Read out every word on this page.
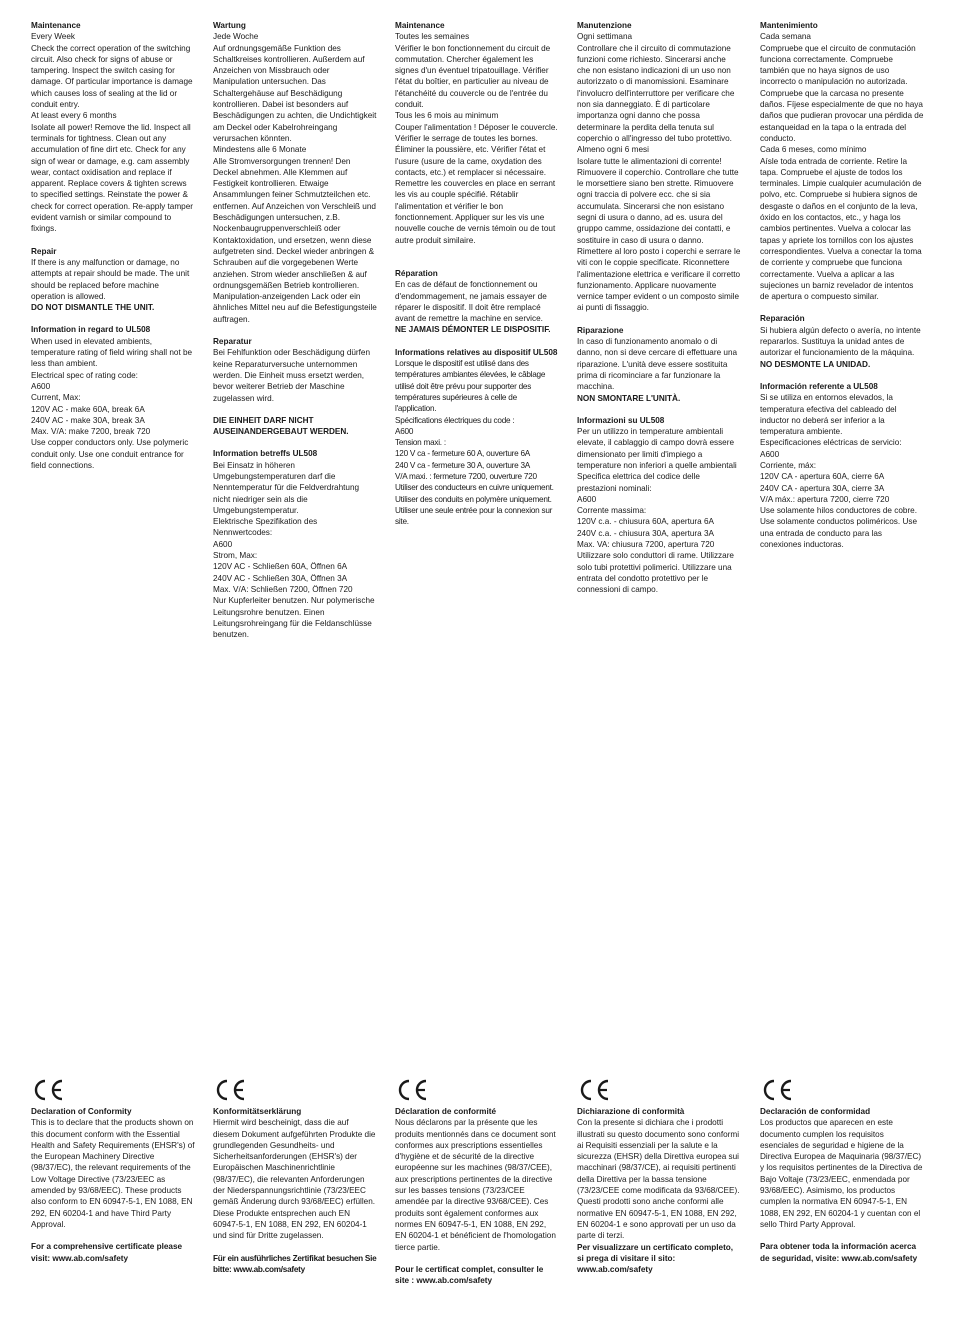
Maintenance

Every Week
Check the correct operation of the switching circuit. Also check for signs of abuse or tampering. Inspect the switch casing for damage. Of particular importance is damage which causes loss of sealing at the lid or conduit entry.
At least every 6 months
Isolate all power! Remove the lid. Inspect all terminals for tightness. Clean out any accumulation of fine dirt etc. Check for any sign of wear or damage, e.g. cam assembly wear, contact oxidisation and replace if apparent. Replace covers & tighten screws to specified settings. Reinstate the power & check for correct operation. Re-apply tamper evident varnish or similar compound to fixings.

Repair

If there is any malfunction or damage, no attempts at repair should be made. The unit should be replaced before machine operation is allowed.

DO NOT DISMANTLE THE UNIT.

Information in regard to UL508

When used in elevated ambients, temperature rating of field wiring shall not be less than ambient.
Electrical spec of rating code:
A600
Current, Max:
120V AC - make 60A, break 6A
240V AC - make 30A, break 3A
Max. V/A: make 7200, break 720
Use copper conductors only. Use polymeric conduit only. Use one conduit entrance for field connections.

Wartung

Jede Woche
Auf ordnungsgemäße Funktion des Schaltkreises kontrollieren. Außerdem auf Anzeichen von Missbrauch oder Manipulation untersuchen. Das Schaltergehäuse auf Beschädigung kontrollieren. Dabei ist besonders auf Beschädigungen zu achten, die Undichtigkeit am Deckel oder Kabelrohreingang verursachen könnten.
Mindestens alle 6 Monate
Alle Stromversorgungen trennen! Den Deckel abnehmen. Alle Klemmen auf Festigkeit kontrollieren. Etwaige Ansammlungen feiner Schmutzteilchen etc. entfernen. Auf Anzeichen von Verschleiß und Beschädigungen untersuchen, z.B. Nockenbaugruppenverschleiß oder Kontaktoxidation, und ersetzen, wenn diese aufgetreten sind. Deckel wieder anbringen & Schrauben auf die vorgegebenen Werte anziehen. Strom wieder anschließen & auf ordnungsgemäßen Betrieb kontrollieren. Manipulation-anzeigenden Lack oder ein ähnliches Mittel neu auf die Befestigungsteile auftragen.

Reparatur

Bei Fehlfunktion oder Beschädigung dürfen keine Reparaturversuche unternommen werden. Die Einheit muss ersetzt werden, bevor weiterer Betrieb der Maschine zugelassen wird.

DIE EINHEIT DARF NICHT AUSEINANDERGEBAUT WERDEN.

Information betreffs UL508

Bei Einsatz in höheren Umgebungstemperaturen darf die Nenntemperatur für die Feldverdrahtung nicht niedriger sein als die Umgebungstemperatur.
Elektrische Spezifikation des Nennwertcodes:
A600
Strom, Max:
120V AC - Schließen 60A, Öffnen 6A
240V AC - Schließen 30A, Öffnen 3A
Max. V/A: Schließen 7200, Öffnen 720
Nur Kupferleiter benutzen. Nur polymerische Leitungsrohre benutzen. Einen Leitungsrohreingang für die Feldanschlüsse benutzen.

Maintenance

Toutes les semaines
Vérifier le bon fonctionnement du circuit de commutation. Chercher également les signes d'un éventuel tripatouillage. Vérifier l'état du boîtier, en particulier au niveau de l'étanchéité du couvercle ou de l'entrée du conduit.
Tous les 6 mois au minimum
Couper l'alimentation ! Déposer le couvercle. Vérifier le serrage de toutes les bornes. Éliminer la poussière, etc. Vérifier l'état et l'usure (usure de la came, oxydation des contacts, etc.) et remplacer si nécessaire. Remettre les couvercles en place en serrant les vis au couple spécifié. Rétablir l'alimentation et vérifier le bon fonctionnement. Appliquer sur les vis une nouvelle couche de vernis témoin ou de tout autre produit similaire.

Réparation

En cas de défaut de fonctionnement ou d'endommagement, ne jamais essayer de réparer le dispositif. Il doit être remplacé avant de remettre la machine en service.

NE JAMAIS DÉMONTER LE DISPOSITIF.

Informations relatives au dispositif UL508

Lorsque le dispositif est utilisé dans des températures ambiantes élevées, le câblage utilisé doit être prévu pour supporter des températures supérieures à celle de l'application.
Spécifications électriques du code :
A600
Tension maxi. :
120 V ca - fermeture 60 A, ouverture 6A
240 V ca - fermeture 30 A, ouverture 3A
V/A maxi. : fermeture 7200, ouverture 720
Utiliser des conducteurs en cuivre uniquement. Utiliser des conduits en polymère uniquement. Utiliser une seule entrée pour la connexion sur site.

Manutenzione

Ogni settimana
Controllare che il circuito di commutazione funzioni come richiesto. Sincerarsi anche che non esistano indicazioni di un uso non autorizzato o di manomissioni. Esaminare l'involucro dell'interruttore per verificare che non sia danneggiato. È di particolare importanza ogni danno che possa determinare la perdita della tenuta sul coperchio o all'ingresso del tubo protettivo.
Almeno ogni 6 mesi
Isolare tutte le alimentazioni di corrente! Rimuovere il coperchio. Controllare che tutte le morsettiere siano ben strette. Rimuovere ogni traccia di polvere ecc. che si sia accumulata. Sincerarsi che non esistano segni di usura o danno, ad es. usura del gruppo camme, ossidazione dei contatti, e sostituire in caso di usura o danno. Rimettere al loro posto i coperchi e serrare le viti con le coppie specificate. Riconnettere l'alimentazione elettrica e verificare il corretto funzionamento. Applicare nuovamente vernice tamper evident o un composto simile ai punti di fissaggio.

Riparazione

In caso di funzionamento anomalo o di danno, non si deve cercare di effettuare una riparazione. L'unità deve essere sostituita prima di ricominciare a far funzionare la macchina.

NON SMONTARE L'UNITÀ.

Informazioni su UL508

Per un utilizzo in temperature ambientali elevate, il cablaggio di campo dovrà essere dimensionato per limiti d'impiego a temperature non inferiori a quelle ambientali
Specifica elettrica del codice delle prestazioni nominali:
A600
Corrente massima:
120V c.a. - chiusura 60A, apertura 6A
240V c.a. - chiusura 30A, apertura 3A
Max. VA: chiusura 7200, apertura 720
Utilizzare solo conduttori di rame. Utilizzare solo tubi protettivi polimerici. Utilizzare una entrata del condotto protettivo per le connessioni di campo.

Mantenimiento

Cada semana
Compruebe que el circuito de conmutación funciona correctamente. Compruebe también que no haya signos de uso incorrecto o manipulación no autorizada. Compruebe que la carcasa no presente daños. Fíjese especialmente de que no haya daños que pudieran provocar una pérdida de estanqueidad en la tapa o la entrada del conducto.
Cada 6 meses, como mínimo
Aísle toda entrada de corriente. Retire la tapa. Compruebe el ajuste de todos los terminales. Limpie cualquier acumulación de polvo, etc. Compruebe si hubiera signos de desgaste o daños en el conjunto de la leva, óxido en los contactos, etc., y haga los cambios pertinentes. Vuelva a colocar las tapas y apriete los tornillos con los ajustes correspondientes. Vuelva a conectar la toma de corriente y compruebe que funciona correctamente. Vuelva a aplicar a las sujeciones un barniz revelador de intentos de apertura o compuesto similar.

Reparación

Si hubiera algún defecto o avería, no intente repararlos. Sustituya la unidad antes de autorizar el funcionamiento de la máquina.

NO DESMONTE LA UNIDAD.

Información referente a UL508

Si se utiliza en entornos elevados, la temperatura efectiva del cableado del inductor no deberá ser inferior a la temperatura ambiente.
Especificaciones eléctricas de servicio:
A600
Corriente, máx:
120V CA - apertura 60A, cierre 6A
240V CA - apertura 30A, cierre 3A
V/A máx.: apertura 7200, cierre 720
Use solamente hilos conductores de cobre. Use solamente conductos poliméricos. Use una entrada de conducto para las conexiones inductoras.

Declaration of Conformity

This is to declare that the products shown on this document conform with the Essential Health and Safety Requirements (EHSR's) of the European Machinery Directive (98/37/EC), the relevant requirements of the Low Voltage Directive (73/23/EEC as amended by 93/68/EEC). These products also conform to EN 60947-5-1, EN 1088, EN 292, EN 60204-1 and have Third Party Approval.

For a comprehensive certificate please visit: www.ab.com/safety

Konformitätserklärung

Hiermit wird bescheinigt, dass die auf diesem Dokument aufgeführten Produkte die grundlegenden Gesundheits- und Sicherheitsanforderungen (EHSR's) der Europäischen Maschinenrichtlinie (98/37/EC), die relevanten Anforderungen der Niederspannungsrichtlinie (73/23/EEC gemäß Änderung durch 93/68/EEC) erfüllen. Diese Produkte entsprechen auch EN 60947-5-1, EN 1088, EN 292, EN 60204-1 und sind für Dritte zugelassen.

Für ein ausführliches Zertifikat besuchen Sie bitte: www.ab.com/safety

Déclaration de conformité

Nous déclarons par la présente que les produits mentionnés dans ce document sont conformes aux prescriptions essentielles d'hygiène et de sécurité de la directive européenne sur les machines (98/37/CEE), aux prescriptions pertinentes de la directive sur les basses tensions (73/23/CEE amendée par la directive 93/68/CEE). Ces produits sont également conformes aux normes EN 60947-5-1, EN 1088, EN 292, EN 60204-1 et bénéficient de l'homologation tierce partie.

Pour le certificat complet, consulter le site : www.ab.com/safety

Dichiarazione di conformità

Con la presente si dichiara che i prodotti illustrati su questo documento sono conformi ai Requisiti essenziali per la salute e la sicurezza (EHSR) della Direttiva europea sui macchinari (98/37/CE), ai requisiti pertinenti della Direttiva per la bassa tensione (73/23/CEE come modificata da 93/68/CEE). Questi prodotti sono anche conformi alle normative EN 60947-5-1, EN 1088, EN 292, EN 60204-1 e sono approvati per un uso da parte di terzi.

Per visualizzare un certificato completo, si prega di visitare il sito: www.ab.com/safety

Declaración de conformidad

Los productos que aparecen en este documento cumplen los requisitos esenciales de seguridad e higiene de la Directiva Europea de Maquinaria (98/37/EC) y los requisitos pertinentes de la Directiva de Bajo Voltaje (73/23/EEC, enmendada por 93/68/EEC). Asimismo, los productos cumplen la normativa EN 60947-5-1, EN 1088, EN 292, EN 60204-1 y cuentan con el sello Third Party Approval.

Para obtener toda la información acerca de seguridad, visite: www.ab.com/safety
